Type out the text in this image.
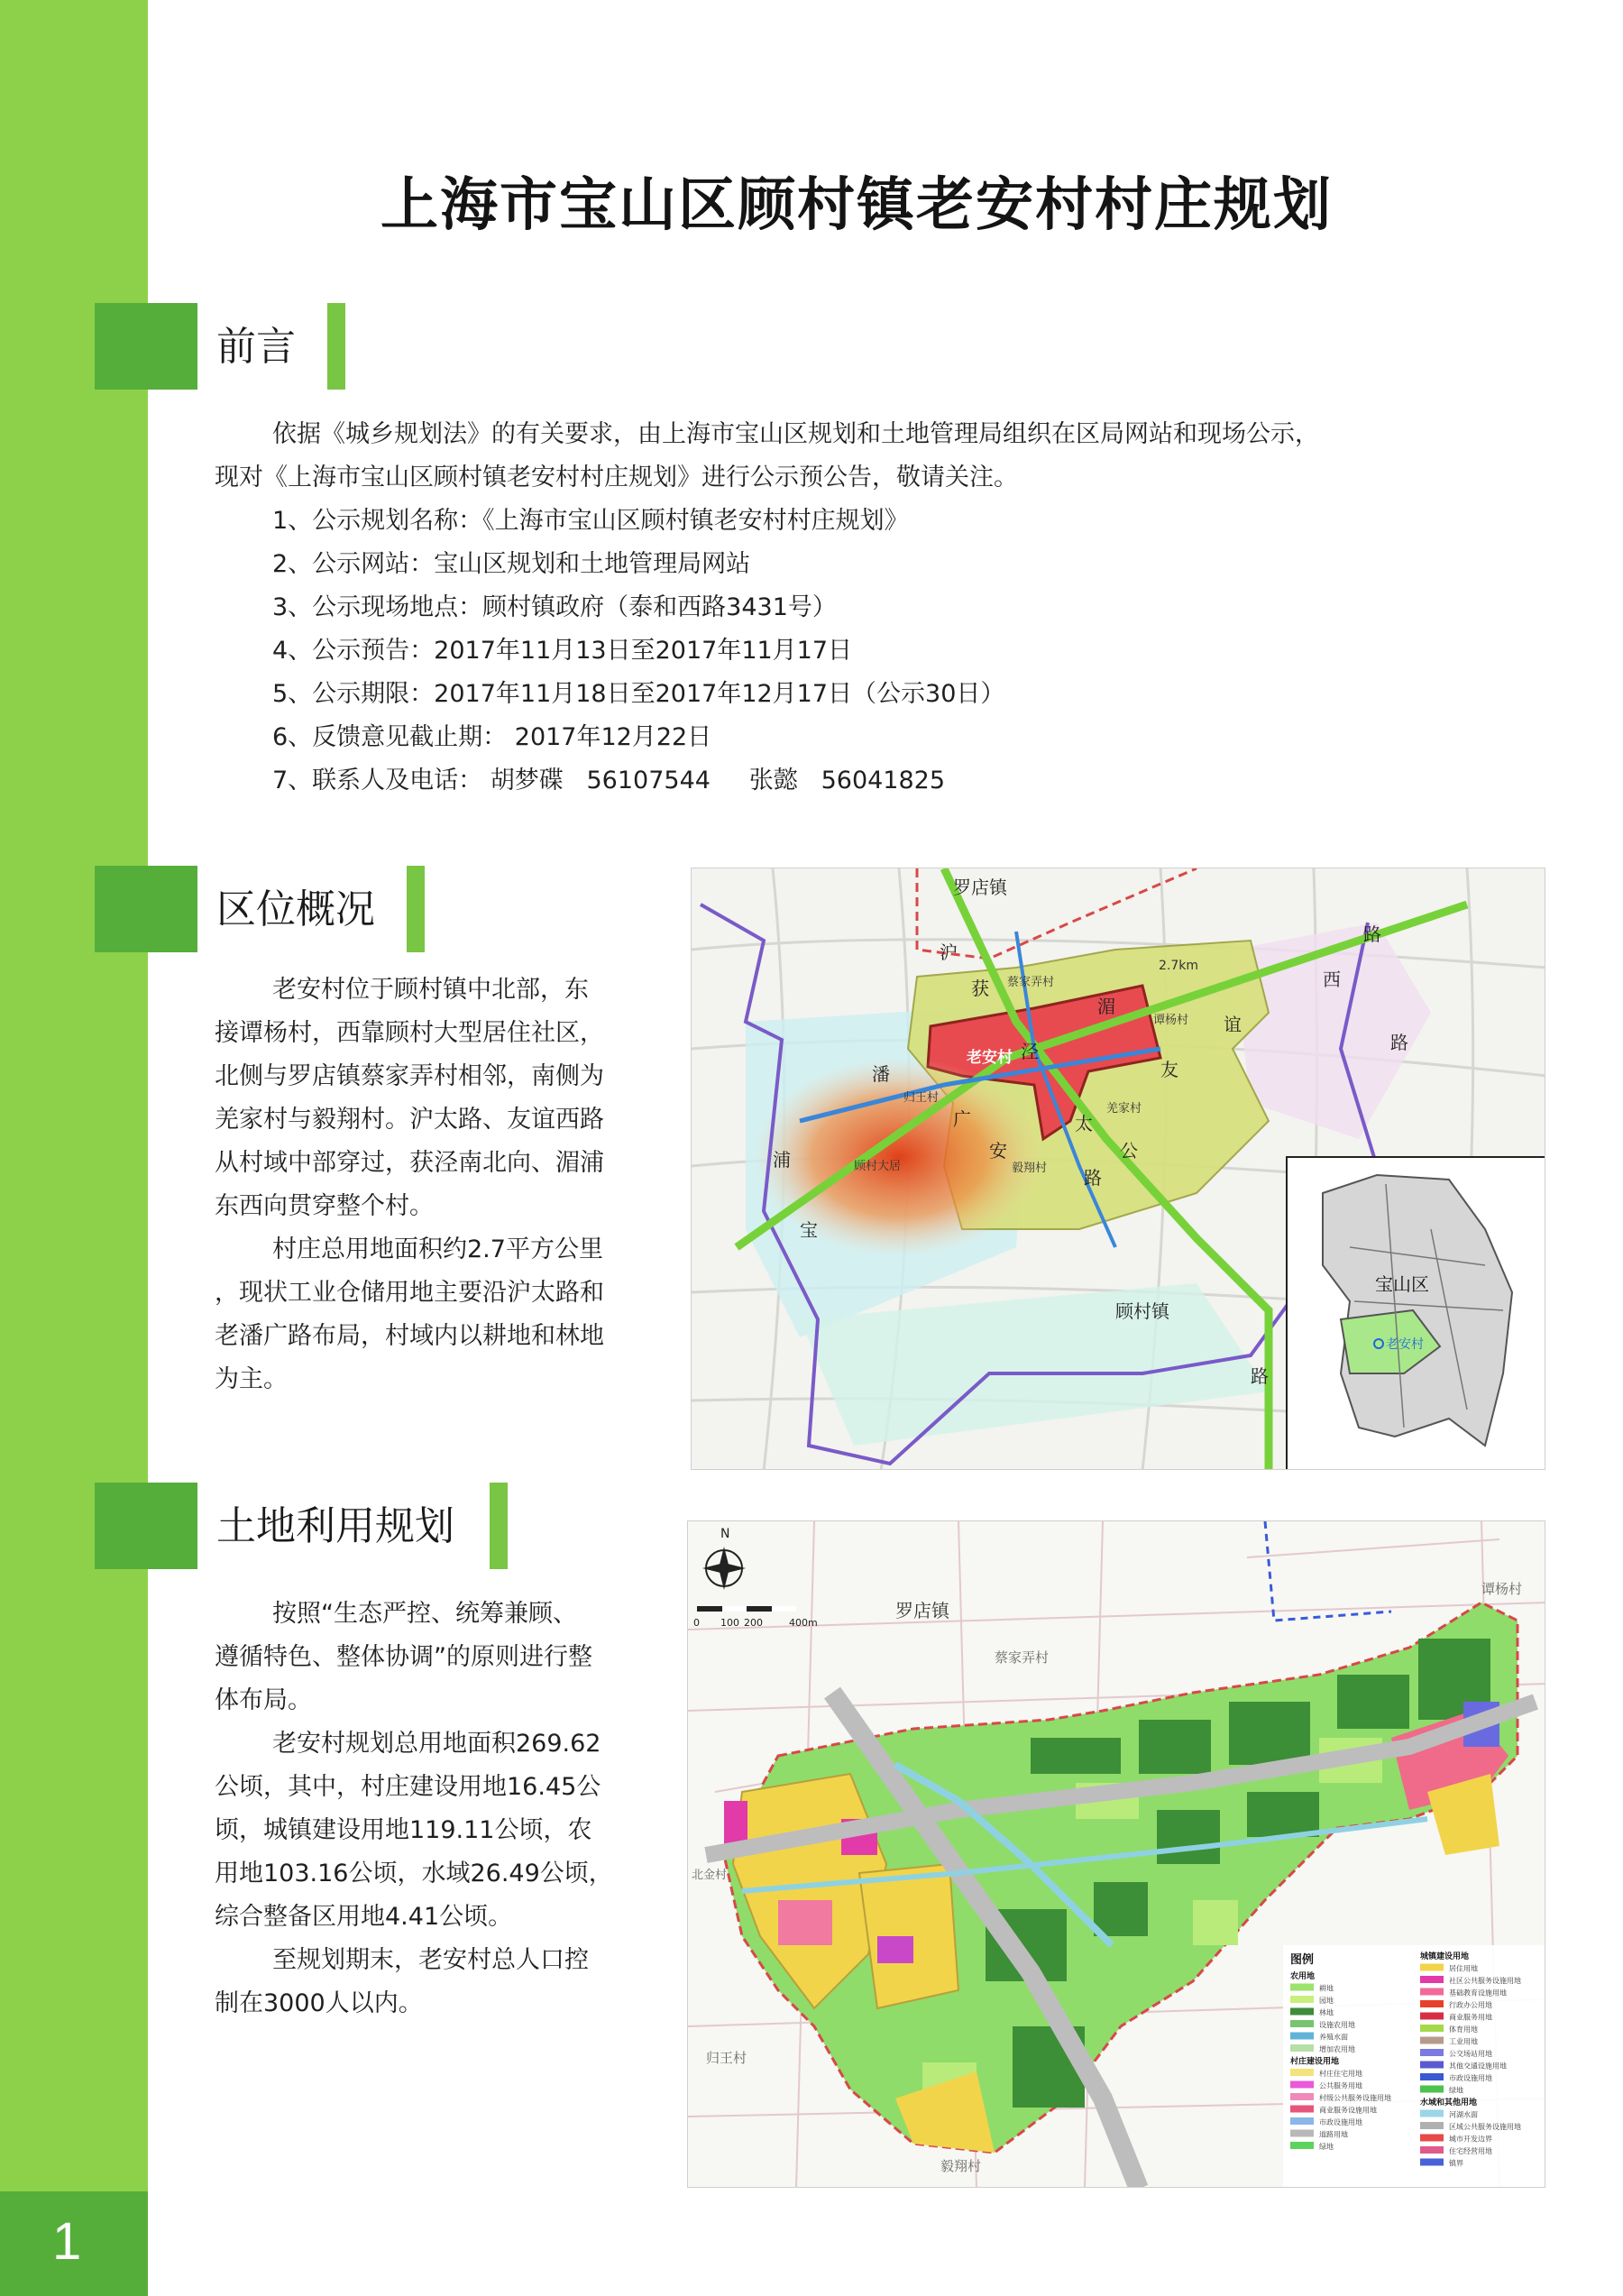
1
上海市宝山区顾村镇老安村村庄规划
前言
依据《城乡规划法》的有关要求，由上海市宝山区规划和土地管理局组织在区局网站和现场公示，
现对《上海市宝山区顾村镇老安村村庄规划》进行公示预公告，敬请关注。
1、公示规划名称：《上海市宝山区顾村镇老安村村庄规划》
2、公示网站：宝山区规划和土地管理局网站
3、公示现场地点：顾村镇政府（泰和西路3431号）
4、公示预告：2017年11月13日至2017年11月17日
5、公示期限：2017年11月18日至2017年12月17日（公示30日）
6、反馈意见截止期： 2017年12月22日
7、联系人及电话： 胡梦碟   56107544     张懿   56041825
区位概况
老安村位于顾村镇中北部，东
接谭杨村，西靠顾村大型居住社区，
北侧与罗店镇蔡家弄村相邻，南侧为
羌家村与毅翔村。沪太路、友谊西路
从村域中部穿过，获泾南北向、湄浦
东西向贯穿整个村。
村庄总用地面积约2.7平方公里
，现状工业仓储用地主要沿沪太路和
老潘广路布局，村域内以耕地和林地
为主。
罗店镇
顾村镇
老安村
蔡家弄村
谭杨村
羌家村
毅翔村
归王村
顾村大居
2.7km
沪
获
泾
湄
友
谊
西
路
路
潘
浦
广
安
太
公
宝
路
路
宝山区
老安村
土地利用规划
按照“生态严控、统筹兼顾、
遵循特色、整体协调”的原则进行整
体布局。
老安村规划总用地面积269.62
公顷，其中，村庄建设用地16.45公
顷，城镇建设用地119.11公顷，农
用地103.16公顷，水域26.49公顷，
综合整备区用地4.41公顷。
至规划期末，老安村总人口控
制在3000人以内。
N
0 100 200	400m
罗店镇
蔡家弄村
谭杨村
归王村
毅翔村
北金村
图例
农用地
耕地
园地
林地
设施农用地
养殖水面
增加农用地
村庄建设用地
村庄住宅用地
公共服务用地
村级公共服务设施用地
商业服务设施用地
市政设施用地
道路用地
绿地
城镇建设用地
居住用地
社区公共服务设施用地
基础教育设施用地
行政办公用地
商业服务用地
体育用地
工业用地
公交场站用地
其他交通设施用地
市政设施用地
绿地
水域和其他用地
河湖水面
区域公共服务设施用地
城市开发边界
住宅经营用地
镇界
